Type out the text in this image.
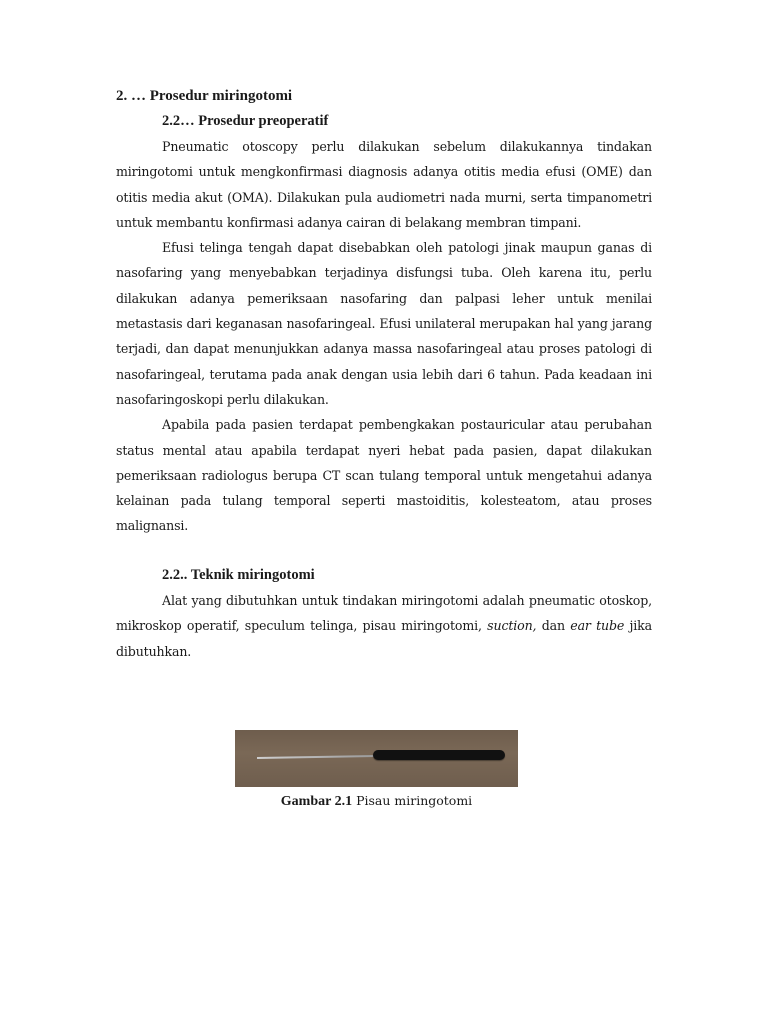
2. … Prosedur miringotomi
2.2… Prosedur preoperatif

Pneumatic otoscopy perlu dilakukan sebelum dilakukannya tindakan miringotomi untuk mengkonfirmasi diagnosis adanya otitis media efusi (OME) dan otitis media akut (OMA). Dilakukan pula audiometri nada murni, serta timpanometri untuk membantu konfirmasi adanya cairan di belakang membran timpani.

Efusi telinga tengah dapat disebabkan oleh patologi jinak maupun ganas di nasofaring yang menyebabkan terjadinya disfungsi tuba. Oleh karena itu, perlu dilakukan adanya pemeriksaan nasofaring dan palpasi leher untuk menilai metastasis dari keganasan nasofaringeal. Efusi unilateral merupakan hal yang jarang terjadi, dan dapat menunjukkan adanya massa nasofaringeal atau proses patologi di nasofaringeal, terutama pada anak dengan usia lebih dari 6 tahun. Pada keadaan ini nasofaringoskopi perlu dilakukan.

Apabila pada pasien terdapat pembengkakan postauricular atau perubahan status mental atau apabila terdapat nyeri hebat pada pasien, dapat dilakukan pemeriksaan radiologus berupa CT scan tulang temporal untuk mengetahui adanya kelainan pada tulang temporal seperti mastoiditis, kolesteatom, atau proses malignansi.

2.2.. Teknik miringotomi

Alat yang dibutuhkan untuk tindakan miringotomi adalah pneumatic otoskop, mikroskop operatif, speculum telinga, pisau miringotomi, suction, dan ear tube jika dibutuhkan.

Gambar 2.1 Pisau miringotomi
